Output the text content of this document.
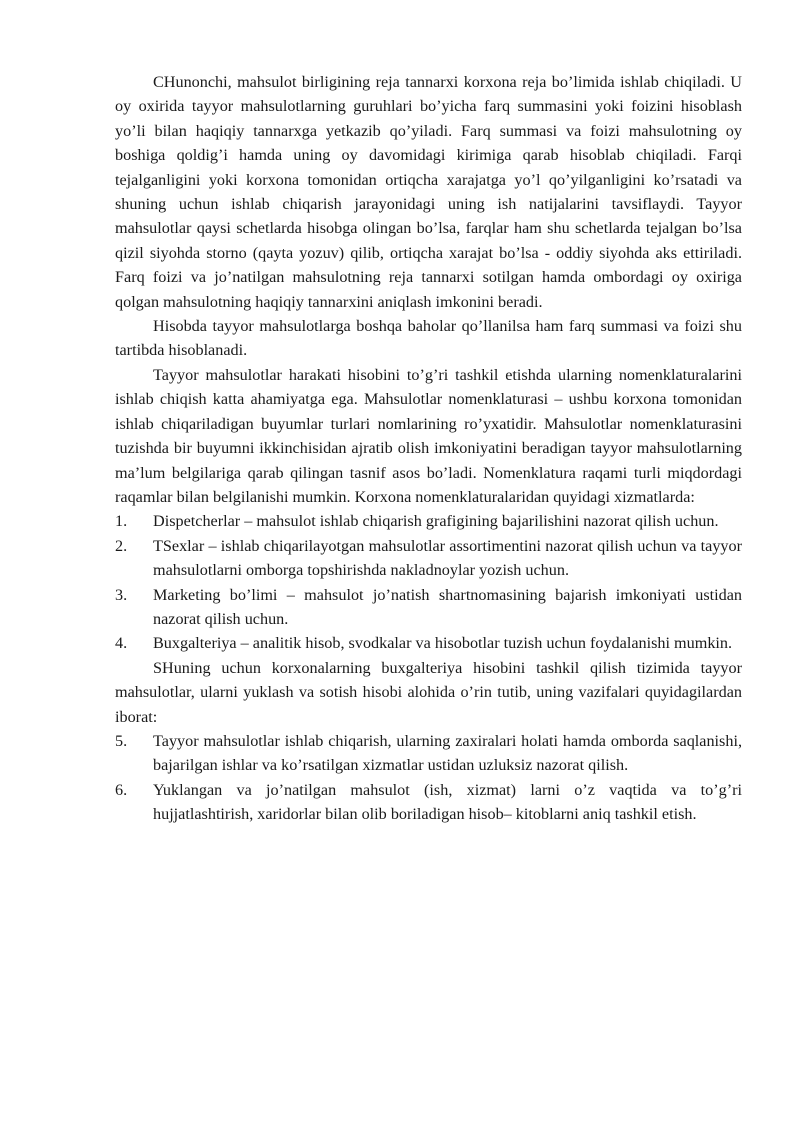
CHunonchi, mahsulot birligining reja tannarxi korxona reja bo’limida ishlab chiqiladi. U oy oxirida tayyor mahsulotlarning guruhlari bo’yicha farq summasini yoki foizini hisoblash yo’li bilan haqiqiy tannarxga yetkazib qo’yiladi. Farq summasi va foizi mahsulotning oy boshiga qoldig’i hamda uning oy davomidagi kirimiga qarab hisoblab chiqiladi. Farqi tejalganligini yoki korxona tomonidan ortiqcha xarajatga yo’l qo’yilganligini ko’rsatadi va shuning uchun ishlab chiqarish jarayonidagi uning ish natijalarini tavsiflaydi. Tayyor mahsulotlar qaysi schetlarda hisobga olingan bo’lsa, farqlar ham shu schetlarda tejalgan bo’lsa qizil siyohda storno (qayta yozuv) qilib, ortiqcha xarajat bo’lsa - oddiy siyohda aks ettiriladi. Farq foizi va jo’natilgan mahsulotning reja tannarxi sotilgan hamda ombordagi oy oxiriga qolgan mahsulotning haqiqiy tannarxini aniqlash imkonini beradi.

Hisobda tayyor mahsulotlarga boshqa baholar qo’llanilsa ham farq summasi va foizi shu tartibda hisoblanadi.

Tayyor mahsulotlar harakati hisobini to’g’ri tashkil etishda ularning nomenklaturalarini ishlab chiqish katta ahamiyatga ega. Mahsulotlar nomenklaturasi – ushbu korxona tomonidan ishlab chiqariladigan buyumlar turlari nomlarining ro’yxatidir. Mahsulotlar nomenklaturasini tuzishda bir buyumni ikkinchisidan ajratib olish imkoniyatini beradigan tayyor mahsulotlarning ma’lum belgilariga qarab qilingan tasnif asos bo’ladi. Nomenklatura raqami turli miqdordagi raqamlar bilan belgilanishi mumkin. Korxona nomenklaturalaridan quyidagi xizmatlarda:

1.	Dispetcherlar – mahsulot ishlab chiqarish grafigining bajarilishini nazorat qilish uchun.
2.	TSexlar – ishlab chiqarilayotgan mahsulotlar assortimentini nazorat qilish uchun va tayyor mahsulotlarni omborga topshirishda nakladnoylar yozish uchun.
3.	Marketing bo’limi – mahsulot jo’natish shartnomasining bajarish imkoniyati ustidan nazorat qilish uchun.
4.	Buxgalteriya – analitik hisob, svodkalar va hisobotlar tuzish uchun foydalanishi mumkin.

SHuning uchun korxonalarning buxgalteriya hisobini tashkil qilish tizimida tayyor mahsulotlar, ularni yuklash va sotish hisobi alohida o’rin tutib, uning vazifalari quyidagilardan iborat:

5.	Tayyor mahsulotlar ishlab chiqarish, ularning zaxiralari holati hamda omborda saqlanishi, bajarilgan ishlar va ko’rsatilgan xizmatlar ustidan uzluksiz nazorat qilish.
6.	Yuklangan va jo’natilgan mahsulot (ish, xizmat) larni o’z vaqtida va to’g’ri hujjatlashtirish, xaridorlar bilan olib boriladigan hisob– kitoblarni aniq tashkil etish.
